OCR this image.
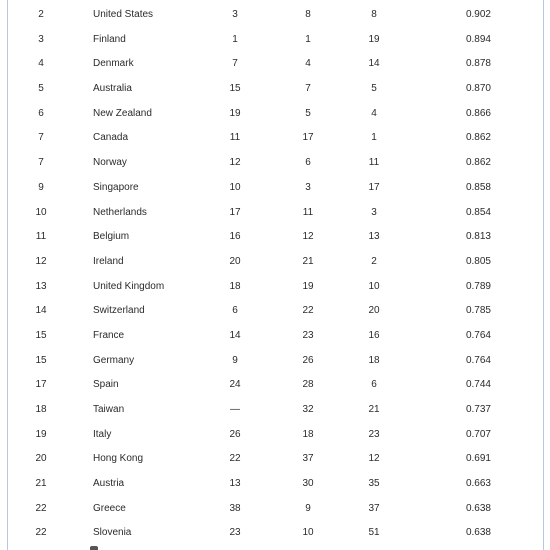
2	United States	3	8	8	0.902
3	Finland	1	1	19	0.894
4	Denmark	7	4	14	0.878
5	Australia	15	7	5	0.870
6	New Zealand	19	5	4	0.866
7	Canada	11	17	1	0.862
7	Norway	12	6	11	0.862
9	Singapore	10	3	17	0.858
10	Netherlands	17	11	3	0.854
11	Belgium	16	12	13	0.813
12	Ireland	20	21	2	0.805
13	United Kingdom	18	19	10	0.789
14	Switzerland	6	22	20	0.785
15	France	14	23	16	0.764
15	Germany	9	26	18	0.764
17	Spain	24	28	6	0.744
18	Taiwan	—	32	21	0.737
19	Italy	26	18	23	0.707
20	Hong Kong	22	37	12	0.691
21	Austria	13	30	35	0.663
22	Greece	38	9	37	0.638
22	Slovenia	23	10	51	0.638
